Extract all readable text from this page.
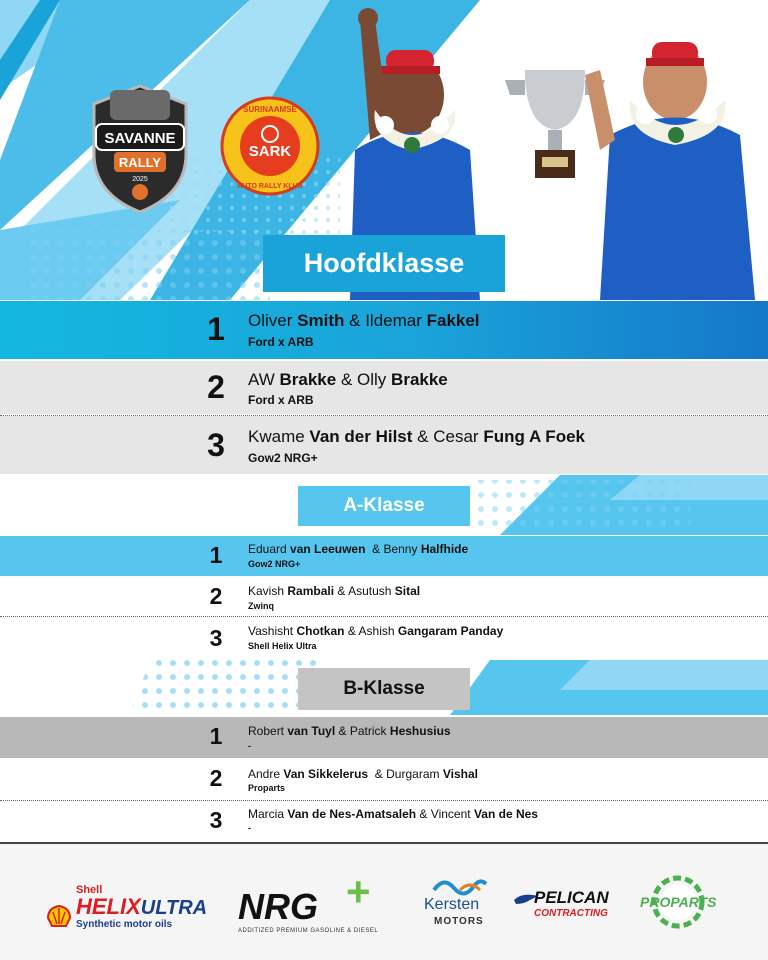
SAVANNE
RALLY
2025
SURINAAMSE
SARK
AUTO RALLY KLUB
Hoofdklasse
1	Oliver Smith & Ildemar Fakkel
Ford x ARB
2	AW Brakke & Olly Brakke
Ford x ARB
3	Kwame Van der Hilst & Cesar Fung A Foek
Gow2 NRG+
A-Klasse
1	Eduard van Leeuwen & Benny Halfhide
Gow2 NRG+
2	Kavish Rambali & Asutush Sital
Zwinq
3	Vashisht Chotkan & Ashish Gangaram Panday
Shell Helix Ultra
B-Klasse
1	Robert van Tuyl & Patrick Heshusius
-
2	Andre Van Sikkelerus & Durgaram Vishal
Proparts
3	Marcia Van de Nes-Amatsaleh & Vincent Van de Nes
-
Shell
HELIXULTRA
Synthetic motor oils NRG +
ADDITIZED PREMIUM GASOLINE & DIESEL
Kersten
MOTORS
PELICAN
CONTRACTING
PROPARTS
